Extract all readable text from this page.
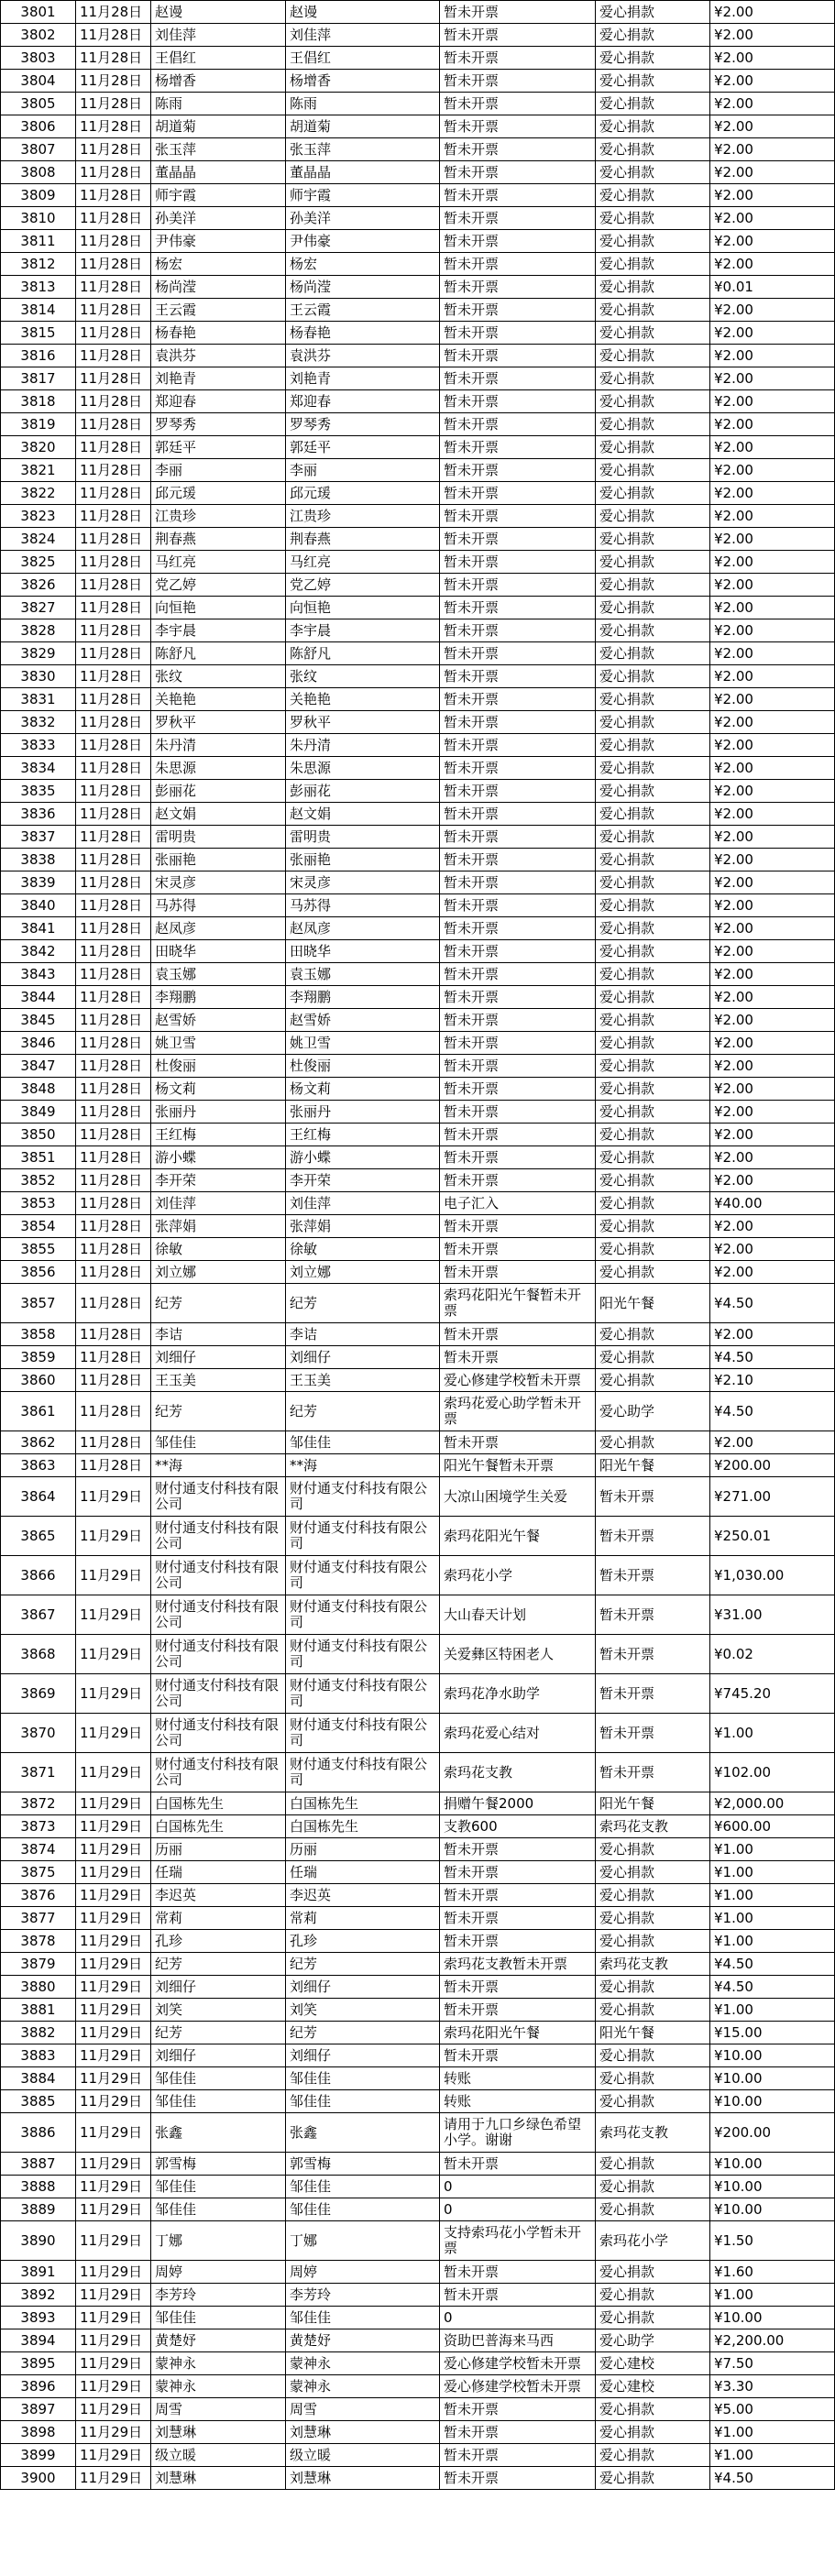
3801	11月28日	赵谩	赵谩	暂未开票	爱心捐款	¥2.00
3802	11月28日	刘佳萍	刘佳萍	暂未开票	爱心捐款	¥2.00
3803	11月28日	王倡红	王倡红	暂未开票	爱心捐款	¥2.00
3804	11月28日	杨增香	杨增香	暂未开票	爱心捐款	¥2.00
3805	11月28日	陈雨	陈雨	暂未开票	爱心捐款	¥2.00
3806	11月28日	胡道菊	胡道菊	暂未开票	爱心捐款	¥2.00
3807	11月28日	张玉萍	张玉萍	暂未开票	爱心捐款	¥2.00
3808	11月28日	董晶晶	董晶晶	暂未开票	爱心捐款	¥2.00
3809	11月28日	师宇霞	师宇霞	暂未开票	爱心捐款	¥2.00
3810	11月28日	孙美洋	孙美洋	暂未开票	爱心捐款	¥2.00
3811	11月28日	尹伟豪	尹伟豪	暂未开票	爱心捐款	¥2.00
3812	11月28日	杨宏	杨宏	暂未开票	爱心捐款	¥2.00
3813	11月28日	杨尚滢	杨尚滢	暂未开票	爱心捐款	¥0.01
3814	11月28日	王云霞	王云霞	暂未开票	爱心捐款	¥2.00
3815	11月28日	杨春艳	杨春艳	暂未开票	爱心捐款	¥2.00
3816	11月28日	袁洪芬	袁洪芬	暂未开票	爱心捐款	¥2.00
3817	11月28日	刘艳青	刘艳青	暂未开票	爱心捐款	¥2.00
3818	11月28日	郑迎春	郑迎春	暂未开票	爱心捐款	¥2.00
3819	11月28日	罗琴秀	罗琴秀	暂未开票	爱心捐款	¥2.00
3820	11月28日	郭廷平	郭廷平	暂未开票	爱心捐款	¥2.00
3821	11月28日	李丽	李丽	暂未开票	爱心捐款	¥2.00
3822	11月28日	邱元瑗	邱元瑗	暂未开票	爱心捐款	¥2.00
3823	11月28日	江贵珍	江贵珍	暂未开票	爱心捐款	¥2.00
3824	11月28日	荆春燕	荆春燕	暂未开票	爱心捐款	¥2.00
3825	11月28日	马红亮	马红亮	暂未开票	爱心捐款	¥2.00
3826	11月28日	党乙婷	党乙婷	暂未开票	爱心捐款	¥2.00
3827	11月28日	向恒艳	向恒艳	暂未开票	爱心捐款	¥2.00
3828	11月28日	李宇晨	李宇晨	暂未开票	爱心捐款	¥2.00
3829	11月28日	陈舒凡	陈舒凡	暂未开票	爱心捐款	¥2.00
3830	11月28日	张纹	张纹	暂未开票	爱心捐款	¥2.00
3831	11月28日	关艳艳	关艳艳	暂未开票	爱心捐款	¥2.00
3832	11月28日	罗秋平	罗秋平	暂未开票	爱心捐款	¥2.00
3833	11月28日	朱丹清	朱丹清	暂未开票	爱心捐款	¥2.00
3834	11月28日	朱思源	朱思源	暂未开票	爱心捐款	¥2.00
3835	11月28日	彭丽花	彭丽花	暂未开票	爱心捐款	¥2.00
3836	11月28日	赵文娟	赵文娟	暂未开票	爱心捐款	¥2.00
3837	11月28日	雷明贵	雷明贵	暂未开票	爱心捐款	¥2.00
3838	11月28日	张丽艳	张丽艳	暂未开票	爱心捐款	¥2.00
3839	11月28日	宋灵彦	宋灵彦	暂未开票	爱心捐款	¥2.00
3840	11月28日	马苏得	马苏得	暂未开票	爱心捐款	¥2.00
3841	11月28日	赵凤彦	赵凤彦	暂未开票	爱心捐款	¥2.00
3842	11月28日	田晓华	田晓华	暂未开票	爱心捐款	¥2.00
3843	11月28日	袁玉娜	袁玉娜	暂未开票	爱心捐款	¥2.00
3844	11月28日	李翔鹏	李翔鹏	暂未开票	爱心捐款	¥2.00
3845	11月28日	赵雪娇	赵雪娇	暂未开票	爱心捐款	¥2.00
3846	11月28日	姚卫雪	姚卫雪	暂未开票	爱心捐款	¥2.00
3847	11月28日	杜俊丽	杜俊丽	暂未开票	爱心捐款	¥2.00
3848	11月28日	杨文莉	杨文莉	暂未开票	爱心捐款	¥2.00
3849	11月28日	张丽丹	张丽丹	暂未开票	爱心捐款	¥2.00
3850	11月28日	王红梅	王红梅	暂未开票	爱心捐款	¥2.00
3851	11月28日	游小蝶	游小蝶	暂未开票	爱心捐款	¥2.00
3852	11月28日	李开荣	李开荣	暂未开票	爱心捐款	¥2.00
3853	11月28日	刘佳萍	刘佳萍	电子汇入	爱心捐款	¥40.00
3854	11月28日	张萍娟	张萍娟	暂未开票	爱心捐款	¥2.00
3855	11月28日	徐敏	徐敏	暂未开票	爱心捐款	¥2.00
3856	11月28日	刘立娜	刘立娜	暂未开票	爱心捐款	¥2.00
3857	11月28日	纪芳	纪芳	索玛花阳光午餐暂未开票	阳光午餐	¥4.50
3858	11月28日	李诘	李诘	暂未开票	爱心捐款	¥2.00
3859	11月28日	刘细仔	刘细仔	暂未开票	爱心捐款	¥4.50
3860	11月28日	王玉美	王玉美	爱心修建学校暂未开票	爱心捐款	¥2.10
3861	11月28日	纪芳	纪芳	索玛花爱心助学暂未开票	爱心助学	¥4.50
3862	11月28日	邹佳佳	邹佳佳	暂未开票	爱心捐款	¥2.00
3863	11月28日	**海	**海	阳光午餐暂未开票	阳光午餐	¥200.00
3864	11月29日	财付通支付科技有限公司	财付通支付科技有限公司	大凉山困境学生关爱	暂未开票	¥271.00
3865	11月29日	财付通支付科技有限公司	财付通支付科技有限公司	索玛花阳光午餐	暂未开票	¥250.01
3866	11月29日	财付通支付科技有限公司	财付通支付科技有限公司	索玛花小学	暂未开票	¥1,030.00
3867	11月29日	财付通支付科技有限公司	财付通支付科技有限公司	大山春天计划	暂未开票	¥31.00
3868	11月29日	财付通支付科技有限公司	财付通支付科技有限公司	关爱彝区特困老人	暂未开票	¥0.02
3869	11月29日	财付通支付科技有限公司	财付通支付科技有限公司	索玛花净水助学	暂未开票	¥745.20
3870	11月29日	财付通支付科技有限公司	财付通支付科技有限公司	索玛花爱心结对	暂未开票	¥1.00
3871	11月29日	财付通支付科技有限公司	财付通支付科技有限公司	索玛花支教	暂未开票	¥102.00
3872	11月29日	白国栋先生	白国栋先生	捐赠午餐2000	阳光午餐	¥2,000.00
3873	11月29日	白国栋先生	白国栋先生	支教600	索玛花支教	¥600.00
3874	11月29日	历丽	历丽	暂未开票	爱心捐款	¥1.00
3875	11月29日	任瑞	任瑞	暂未开票	爱心捐款	¥1.00
3876	11月29日	李迟英	李迟英	暂未开票	爱心捐款	¥1.00
3877	11月29日	常莉	常莉	暂未开票	爱心捐款	¥1.00
3878	11月29日	孔珍	孔珍	暂未开票	爱心捐款	¥1.00
3879	11月29日	纪芳	纪芳	索玛花支教暂未开票	索玛花支教	¥4.50
3880	11月29日	刘细仔	刘细仔	暂未开票	爱心捐款	¥4.50
3881	11月29日	刘笑	刘笑	暂未开票	爱心捐款	¥1.00
3882	11月29日	纪芳	纪芳	索玛花阳光午餐	阳光午餐	¥15.00
3883	11月29日	刘细仔	刘细仔	暂未开票	爱心捐款	¥10.00
3884	11月29日	邹佳佳	邹佳佳	转账	爱心捐款	¥10.00
3885	11月29日	邹佳佳	邹佳佳	转账	爱心捐款	¥10.00
3886	11月29日	张鑫	张鑫	请用于九口乡绿色希望小学。谢谢	索玛花支教	¥200.00
3887	11月29日	郭雪梅	郭雪梅	暂未开票	爱心捐款	¥10.00
3888	11月29日	邹佳佳	邹佳佳	0	爱心捐款	¥10.00
3889	11月29日	邹佳佳	邹佳佳	0	爱心捐款	¥10.00
3890	11月29日	丁娜	丁娜	支持索玛花小学暂未开票	索玛花小学	¥1.50
3891	11月29日	周婷	周婷	暂未开票	爱心捐款	¥1.60
3892	11月29日	李芳玲	李芳玲	暂未开票	爱心捐款	¥1.00
3893	11月29日	邹佳佳	邹佳佳	0	爱心捐款	¥10.00
3894	11月29日	黄楚妤	黄楚妤	资助巴普海来马西	爱心助学	¥2,200.00
3895	11月29日	蒙神永	蒙神永	爱心修建学校暂未开票	爱心建校	¥7.50
3896	11月29日	蒙神永	蒙神永	爱心修建学校暂未开票	爱心建校	¥3.30
3897	11月29日	周雪	周雪	暂未开票	爱心捐款	¥5.00
3898	11月29日	刘慧琳	刘慧琳	暂未开票	爱心捐款	¥1.00
3899	11月29日	级立暖	级立暖	暂未开票	爱心捐款	¥1.00
3900	11月29日	刘慧琳	刘慧琳	暂未开票	爱心捐款	¥4.50
